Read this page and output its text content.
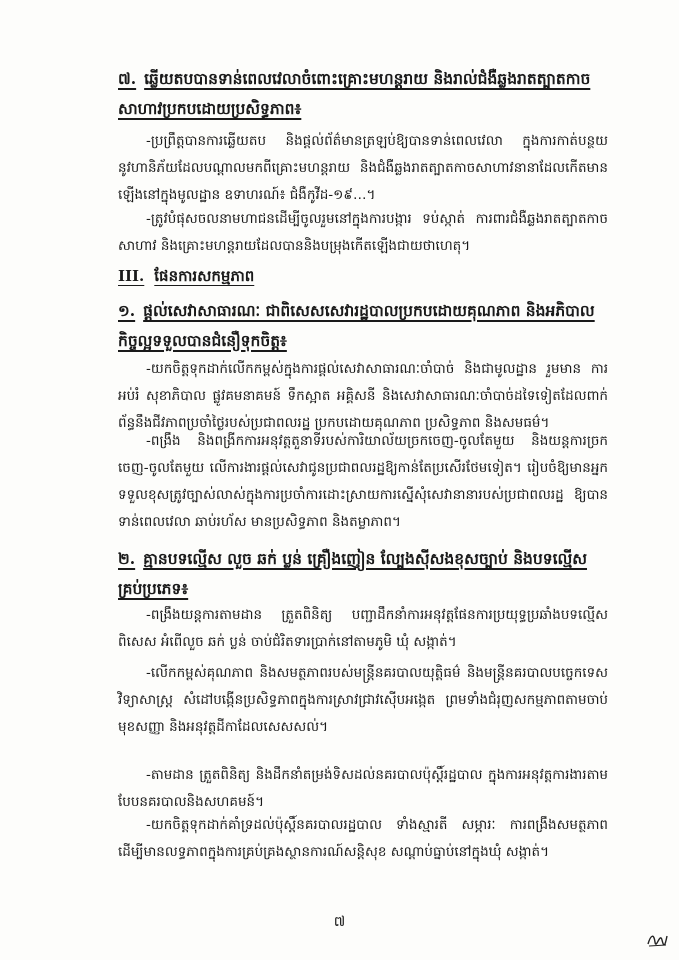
៧. ឆ្លើយតបបានទាន់ពេលវេលាចំពោះគ្រោះមហន្តរាយ និងរាល់ជំងឺឆ្លងរាតត្បាតកាចសាហាវប្រកបដោយប្រសិទ្ធភាព៖
-ប្រព្រឹត្តបានការឆ្លើយតប និងផ្តល់ព័ត៌មានត្រឡប់ឱ្យបានទាន់ពេលវេលា ក្នុងការកាត់បន្ថយនូវហានិភ័យដែលបណ្តាលមកពីគ្រោះមហន្តរាយ និងជំងឺឆ្លងរាតត្បាតកាចសាហាវនានាដែលកើតមានឡើងនៅក្នុងមូលដ្ឋាន ឧទាហរណ៍៖ ជំងឺកូវីដ-១៩…។
-ត្រូវបំផុសចលនាមហាជនដើម្បីចូលរួមនៅក្នុងការបង្ការ ទប់ស្កាត់ ការពារជំងឺឆ្លងរាតត្បាតកាចសាហាវ និងគ្រោះមហន្តរាយដែលបាននិងបម្រុងកើតឡើងជាយថាហេតុ។
III. ផែនការសកម្មភាព
១. ផ្តល់សេវាសាធារណៈ ជាពិសេសសេវារដ្ឋបាលប្រកបដោយគុណភាព និងអភិបាលកិច្ចល្អទទួលបានជំនឿទុកចិត្ត៖
-យកចិត្តទុកដាក់លើកកម្ពស់ក្នុងការផ្តល់សេវាសាធារណៈចាំបាច់ និងជាមូលដ្ឋាន រួមមាន ការអប់រំ សុខាភិបាល ផ្លូវគមនាគមន៍ ទឹកស្អាត អគ្គិសនី និងសេវាសាធារណៈចាំបាច់ដទៃទៀតដែលពាក់ព័ន្ធនឹងជីវភាពប្រចាំថ្ងៃរបស់ប្រជាពលរដ្ឋ ប្រកបដោយគុណភាព ប្រសិទ្ធភាព និងសមធម៌។
-ពង្រឹង និងពង្រីកការអនុវត្តតួនាទីរបស់ការិយាល័យច្រកចេញ-ចូលតែមួយ និងយន្តការច្រកចេញ-ចូលតែមួយ លើការងារផ្តល់សេវាជូនប្រជាពលរដ្ឋឱ្យកាន់តែប្រសើរថែមទៀត។ រៀបចំឱ្យមានអ្នកទទួលខុសត្រូវច្បាស់លាស់ក្នុងការប្រចាំការដោះស្រាយការស្នើសុំសេវានានារបស់ប្រជាពលរដ្ឋ ឱ្យបានទាន់ពេលវេលា ឆាប់រហ័ស មានប្រសិទ្ធភាព និងតម្លាភាព។
២. គ្មានបទល្មើស លួច ឆក់ ប្លន់ គ្រឿងញៀន ល្បែងស៊ីសងខុសច្បាប់ និងបទល្មើសគ្រប់ប្រភេទ៖
-ពង្រឹងយន្តការតាមដាន ត្រួតពិនិត្យ បញ្ជាដឹកនាំការអនុវត្តផែនការប្រយុទ្ធប្រឆាំងបទល្មើសពិសេស អំពើលួច ឆក់ ប្លន់ ចាប់ជំរិតទារប្រាក់នៅតាមភូមិ ឃុំ សង្កាត់។
-លើកកម្ពស់គុណភាព និងសមត្ថភាពរបស់មន្ត្រីនគរបាលយុត្តិធម៌ និងមន្ត្រីនគរបាលបច្ចេកទេសវិទ្យាសាស្ត្រ សំដៅបង្កើនប្រសិទ្ធភាពក្នុងការស្រាវជ្រាវស៊ើបអង្កេត ព្រមទាំងជំរុញសកម្មភាពតាមចាប់មុខសញ្ញា និងអនុវត្តដីកាដែលសេសសល់។
-តាមដាន ត្រួតពិនិត្យ និងដឹកនាំតម្រង់ទិសដល់នគរបាលប៉ុស្តិ៍រដ្ឋបាល ក្នុងការអនុវត្តការងារតាមបែបនគរបាលនិងសហគមន៍។
-យកចិត្តទុកដាក់គាំទ្រដល់ប៉ុស្តិ៍នគរបាលរដ្ឋបាល ទាំងស្មារតី សម្ភារៈ ការពង្រឹងសមត្ថភាព ដើម្បីមានលទ្ធភាពក្នុងការគ្រប់គ្រងស្ថានការណ៍សន្តិសុខ សណ្តាប់ធ្នាប់នៅក្នុងឃុំ សង្កាត់។
៧
